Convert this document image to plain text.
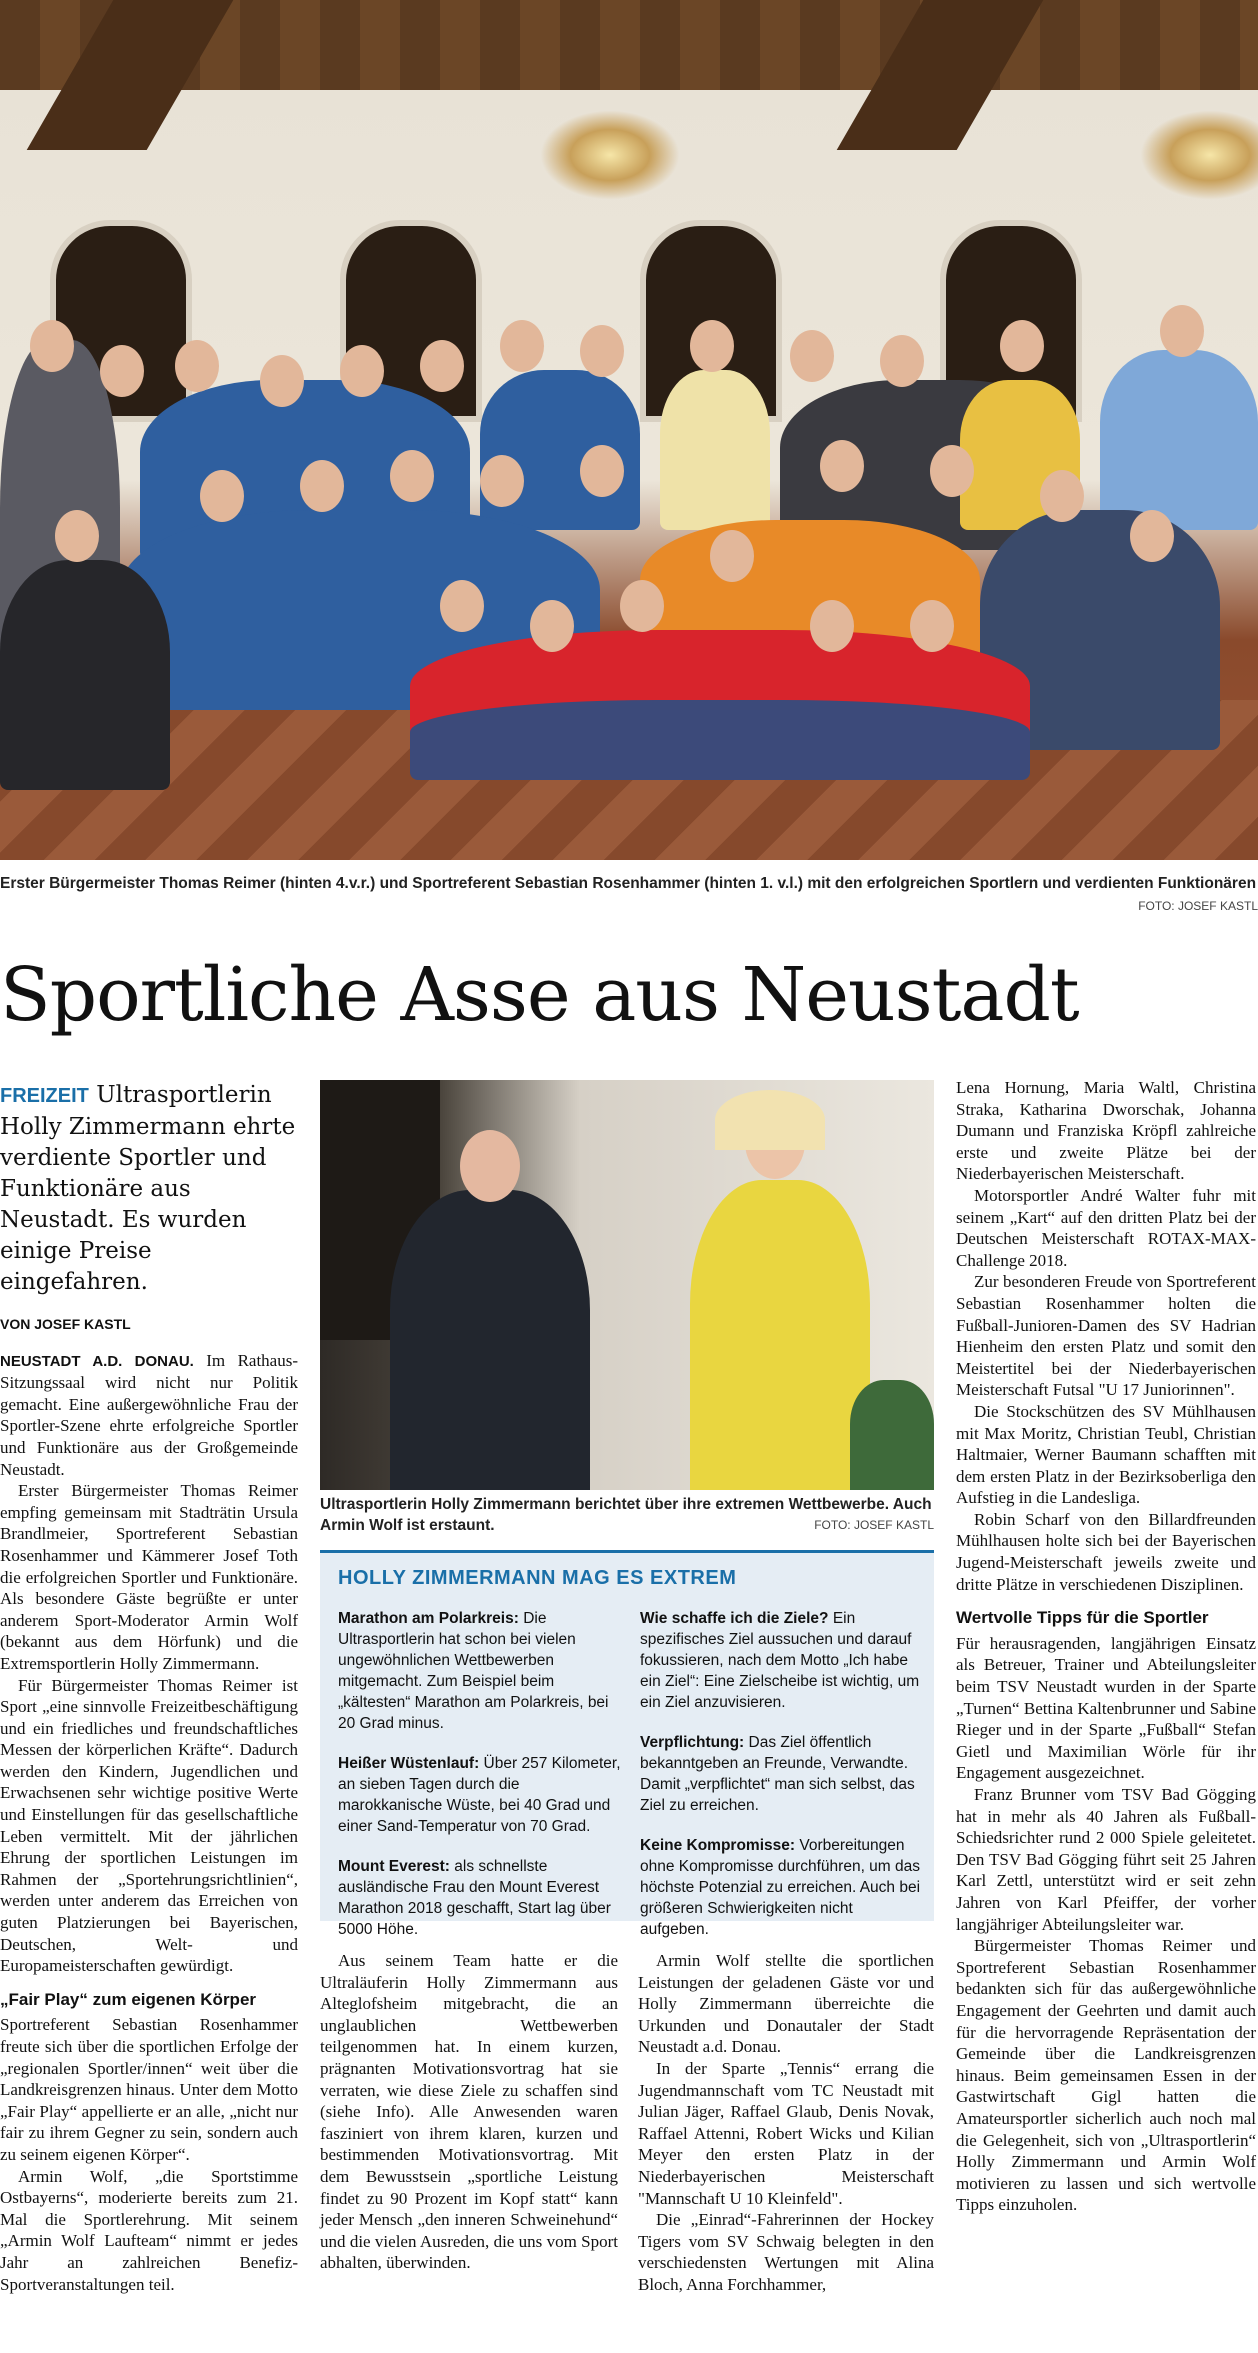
Erster Bürgermeister Thomas Reimer (hinten 4.v.r.) und Sportreferent Sebastian Rosenhammer (hinten 1. v.l.) mit den erfolgreichen Sportlern und verdienten Funktionären
FOTO: JOSEF KASTL
Sportliche Asse aus Neustadt
FREIZEIT Ultrasportlerin Holly Zimmermann ehrte verdiente Sportler und Funktionäre aus Neustadt. Es wurden einige Preise eingefahren.
VON JOSEF KASTL

NEUSTADT A.D. DONAU. Im Rathaus-Sitzungssaal wird nicht nur Politik gemacht. Eine außergewöhnliche Frau der Sportler-Szene ehrte erfolgreiche Sportler und Funktionäre aus der Großgemeinde Neustadt.

Erster Bürgermeister Thomas Reimer empfing gemeinsam mit Stadträtin Ursula Brandlmeier, Sportreferent Sebastian Rosenhammer und Kämmerer Josef Toth die erfolgreichen Sportler und Funktionäre. Als besondere Gäste begrüßte er unter anderem Sport-Moderator Armin Wolf (bekannt aus dem Hörfunk) und die Extremsportlerin Holly Zimmermann.

Für Bürgermeister Thomas Reimer ist Sport „eine sinnvolle Freizeitbeschäftigung und ein friedliches und freundschaftliches Messen der körperlichen Kräfte“. Dadurch werden den Kindern, Jugendlichen und Erwachsenen sehr wichtige positive Werte und Einstellungen für das gesellschaftliche Leben vermittelt. Mit der jährlichen Ehrung der sportlichen Leistungen im Rahmen der „Sportehrungsrichtlinien“, werden unter anderem das Erreichen von guten Platzierungen bei Bayerischen, Deutschen, Welt- und Europameisterschaften gewürdigt.

„Fair Play“ zum eigenen Körper

Sportreferent Sebastian Rosenhammer freute sich über die sportlichen Erfolge der „regionalen Sportler/innen“ weit über die Landkreisgrenzen hinaus. Unter dem Motto „Fair Play“ appellierte er an alle, „nicht nur fair zu ihrem Gegner zu sein, sondern auch zu seinem eigenen Körper“.

Armin Wolf, „die Sportstimme Ostbayerns“, moderierte bereits zum 21. Mal die Sportlerehrung. Mit seinem „Armin Wolf Laufteam“ nimmt er jedes Jahr an zahlreichen Benefiz-Sportveranstaltungen teil.

Ultrasportlerin Holly Zimmermann berichtet über ihre extremen Wettbewerbe. Auch Armin Wolf ist erstaunt.	FOTO: JOSEF KASTL
HOLLY ZIMMERMANN MAG ES EXTREM
Marathon am Polarkreis: Die Ultrasportlerin hat schon bei vielen ungewöhnlichen Wettbewerben mitgemacht. Zum Beispiel beim „kältesten“ Marathon am Polarkreis, bei 20 Grad minus.
Heißer Wüstenlauf: Über 257 Kilometer, an sieben Tagen durch die marokkanische Wüste, bei 40 Grad und einer Sand-Temperatur von 70 Grad.
Mount Everest: als schnellste ausländische Frau den Mount Everest Marathon 2018 geschafft, Start lag über 5000 Höhe.
Wie schaffe ich die Ziele? Ein spezifisches Ziel aussuchen und darauf fokussieren, nach dem Motto „Ich habe ein Ziel“: Eine Zielscheibe ist wichtig, um ein Ziel anzuvisieren.
Verpflichtung: Das Ziel öffentlich bekanntgeben an Freunde, Verwandte. Damit „verpflichtet“ man sich selbst, das Ziel zu erreichen.
Keine Kompromisse: Vorbereitungen ohne Kompromisse durchführen, um das höchste Potenzial zu erreichen. Auch bei größeren Schwierigkeiten nicht aufgeben.

Aus seinem Team hatte er die Ultraläuferin Holly Zimmermann aus Alteglofsheim mitgebracht, die an unglaublichen Wettbewerben teilgenommen hat. In einem kurzen, prägnanten Motivationsvortrag hat sie verraten, wie diese Ziele zu schaffen sind (siehe Info). Alle Anwesenden waren fasziniert von ihrem klaren, kurzen und bestimmenden Motivationsvortrag. Mit dem Bewusstsein „sportliche Leistung findet zu 90 Prozent im Kopf statt“ kann jeder Mensch „den inneren Schweinehund“ und die vielen Ausreden, die uns vom Sport abhalten, überwinden.

Armin Wolf stellte die sportlichen Leistungen der geladenen Gäste vor und Holly Zimmermann überreichte die Urkunden und Donautaler der Stadt Neustadt a.d. Donau.

In der Sparte „Tennis“ errang die Jugendmannschaft vom TC Neustadt mit Julian Jäger, Raffael Glaub, Denis Novak, Raffael Attenni, Robert Wicks und Kilian Meyer den ersten Platz in der Niederbayerischen Meisterschaft "Mannschaft U 10 Kleinfeld".

Die „Einrad“-Fahrerinnen der Hockey Tigers vom SV Schwaig belegten in den verschiedensten Wertungen mit Alina Bloch, Anna Forchhammer,

Lena Hornung, Maria Waltl, Christina Straka, Katharina Dworschak, Johanna Dumann und Franziska Kröpfl zahlreiche erste und zweite Plätze bei der Niederbayerischen Meisterschaft.

Motorsportler André Walter fuhr mit seinem „Kart“ auf den dritten Platz bei der Deutschen Meisterschaft ROTAX-MAX-Challenge 2018.

Zur besonderen Freude von Sportreferent Sebastian Rosenhammer holten die Fußball-Junioren-Damen des SV Hadrian Hienheim den ersten Platz und somit den Meistertitel bei der Niederbayerischen Meisterschaft Futsal "U 17 Juniorinnen".

Die Stockschützen des SV Mühlhausen mit Max Moritz, Christian Teubl, Christian Haltmaier, Werner Baumann schafften mit dem ersten Platz in der Bezirksoberliga den Aufstieg in die Landesliga.

Robin Scharf von den Billardfreunden Mühlhausen holte sich bei der Bayerischen Jugend-Meisterschaft jeweils zweite und dritte Plätze in verschiedenen Disziplinen.

Wertvolle Tipps für die Sportler

Für herausragenden, langjährigen Einsatz als Betreuer, Trainer und Abteilungsleiter beim TSV Neustadt wurden in der Sparte „Turnen“ Bettina Kaltenbrunner und Sabine Rieger und in der Sparte „Fußball“ Stefan Gietl und Maximilian Wörle für ihr Engagement ausgezeichnet.

Franz Brunner vom TSV Bad Gögging hat in mehr als 40 Jahren als Fußball-Schiedsrichter rund 2 000 Spiele geleitetet. Den TSV Bad Gögging führt seit 25 Jahren Karl Zettl, unterstützt wird er seit zehn Jahren von Karl Pfeiffer, der vorher langjähriger Abteilungsleiter war.

Bürgermeister Thomas Reimer und Sportreferent Sebastian Rosenhammer bedankten sich für das außergewöhnliche Engagement der Geehrten und damit auch für die hervorragende Repräsentation der Gemeinde über die Landkreisgrenzen hinaus. Beim gemeinsamen Essen in der Gastwirtschaft Gigl hatten die Amateursportler sicherlich auch noch mal die Gelegenheit, sich von „Ultrasportlerin“ Holly Zimmermann und Armin Wolf motivieren zu lassen und sich wertvolle Tipps einzuholen.
